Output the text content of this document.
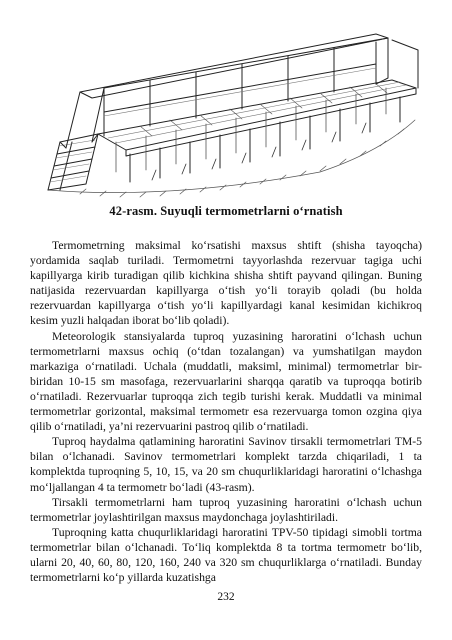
42-rasm. Suyuqli termometrlarni o‘rnatish

Termometrning maksimal ko‘rsatishi maxsus shtift (shisha tayoqcha) yordamida saqlab turiladi. Termometrni tayyorlashda rezervuar tagiga uchi kapillyarga kirib turadigan qilib kichkina shisha shtift payvand qilingan. Buning natijasida rezervuardan kapillyarga o‘tish yo‘li torayib qoladi (bu holda rezervuardan kapillyarga o‘tish yo‘li kapillyardagi kanal kesimidan kichikroq kesim yuzli halqadan iborat bo‘lib qoladi).

Meteorologik stansiyalarda tuproq yuzasining haroratini o‘lchash uchun termometrlarni maxsus ochiq (o‘tdan tozalangan) va yumshatilgan maydon markaziga o‘rnatiladi. Uchala (muddatli, maksiml, minimal) termometrlar bir-biridan 10-15 sm masofaga, rezervuarlarini sharqqa qaratib va tuproqqa botirib o‘rnatiladi. Rezervuarlar tuproqqa zich tegib turishi kerak. Muddatli va minimal termometrlar gorizontal, maksimal termometr esa rezervuarga tomon ozgina qiya qilib o‘rnatiladi, ya’ni rezervuarini pastroq qilib o‘rnatiladi.

Tuproq haydalma qatlamining haroratini Savinov tirsakli termometrlari TM-5 bilan o‘lchanadi. Savinov termometrlari komplekt tarzda chiqariladi, 1 ta komplektda tuproqning 5, 10, 15, va 20 sm chuqurliklaridagi haroratini o‘lchashga mo‘ljallangan 4 ta termometr bo‘ladi (43-rasm).

Tirsakli termometrlarni ham tuproq yuzasining haroratini o‘lchash uchun termometrlar joylashtirilgan maxsus maydonchaga joylashtiriladi.

Tuproqning katta chuqurliklaridagi haroratini TPV-50 tipidagi simobli tortma termometrlar bilan o‘lchanadi. To‘liq komplektda 8 ta tortma termometr bo‘lib, ularni 20, 40, 60, 80, 120, 160, 240 va 320 sm chuqurliklarga o‘rnatiladi. Bunday termometrlarni ko‘p yillarda kuzatishga

232
